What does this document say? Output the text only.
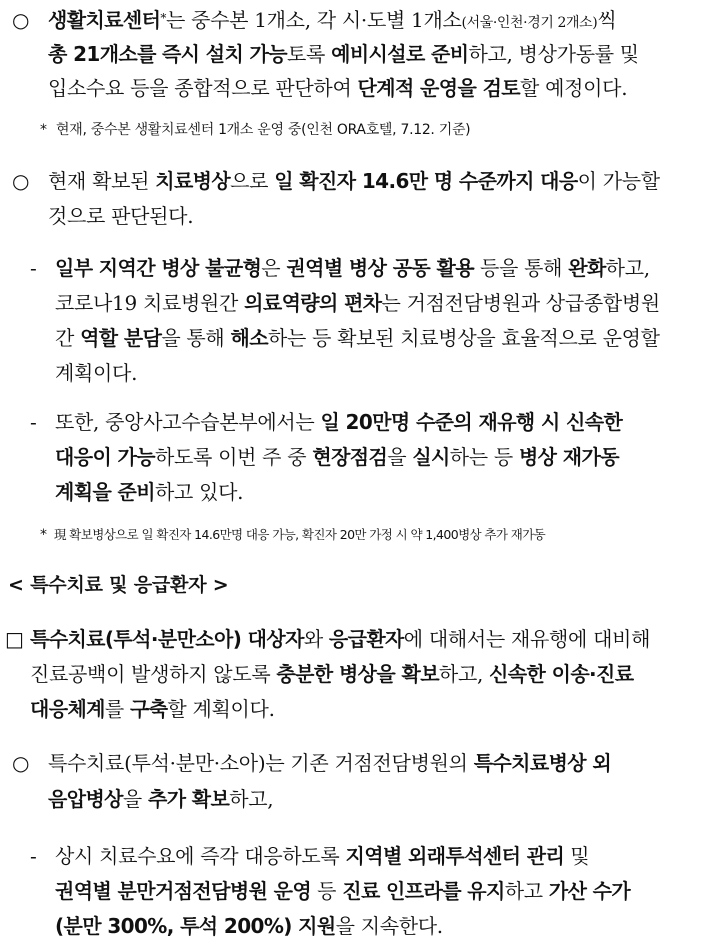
○ 생활치료센터*는 중수본 1개소, 각 시·도별 1개소(서울·인천·경기 2개소)씩
총 21개소를 즉시 설치 가능토록 예비시설로 준비하고, 병상가동률 및
입소수요 등을 종합적으로 판단하여 단계적 운영을 검토할 예정이다.
* 현재, 중수본 생활치료센터 1개소 운영 중(인천 ORA호텔, 7.12. 기준)
○ 현재 확보된 치료병상으로 일 확진자 14.6만 명 수준까지 대응이 가능할
것으로 판단된다.
- 일부 지역간 병상 불균형은 권역별 병상 공동 활용 등을 통해 완화하고,
코로나19 치료병원간 의료역량의 편차는 거점전담병원과 상급종합병원
간 역할 분담을 통해 해소하는 등 확보된 치료병상을 효율적으로 운영할
계획이다.
- 또한, 중앙사고수습본부에서는 일 20만명 수준의 재유행 시 신속한
대응이 가능하도록 이번 주 중 현장점검을 실시하는 등 병상 재가동
계획을 준비하고 있다.
* 現 확보병상으로 일 확진자 14.6만명 대응 가능, 확진자 20만 가정 시 약 1,400병상 추가 재가동
< 특수치료 및 응급환자 >
□ 특수치료(투석·분만소아) 대상자와 응급환자에 대해서는 재유행에 대비해
진료공백이 발생하지 않도록 충분한 병상을 확보하고, 신속한 이송·진료
대응체계를 구축할 계획이다.
○ 특수치료(투석·분만·소아)는 기존 거점전담병원의 특수치료병상 외
음압병상을 추가 확보하고,
- 상시 치료수요에 즉각 대응하도록 지역별 외래투석센터 관리 및
권역별 분만거점전담병원 운영 등 진료 인프라를 유지하고 가산 수가
(분만 300%, 투석 200%) 지원을 지속한다.
